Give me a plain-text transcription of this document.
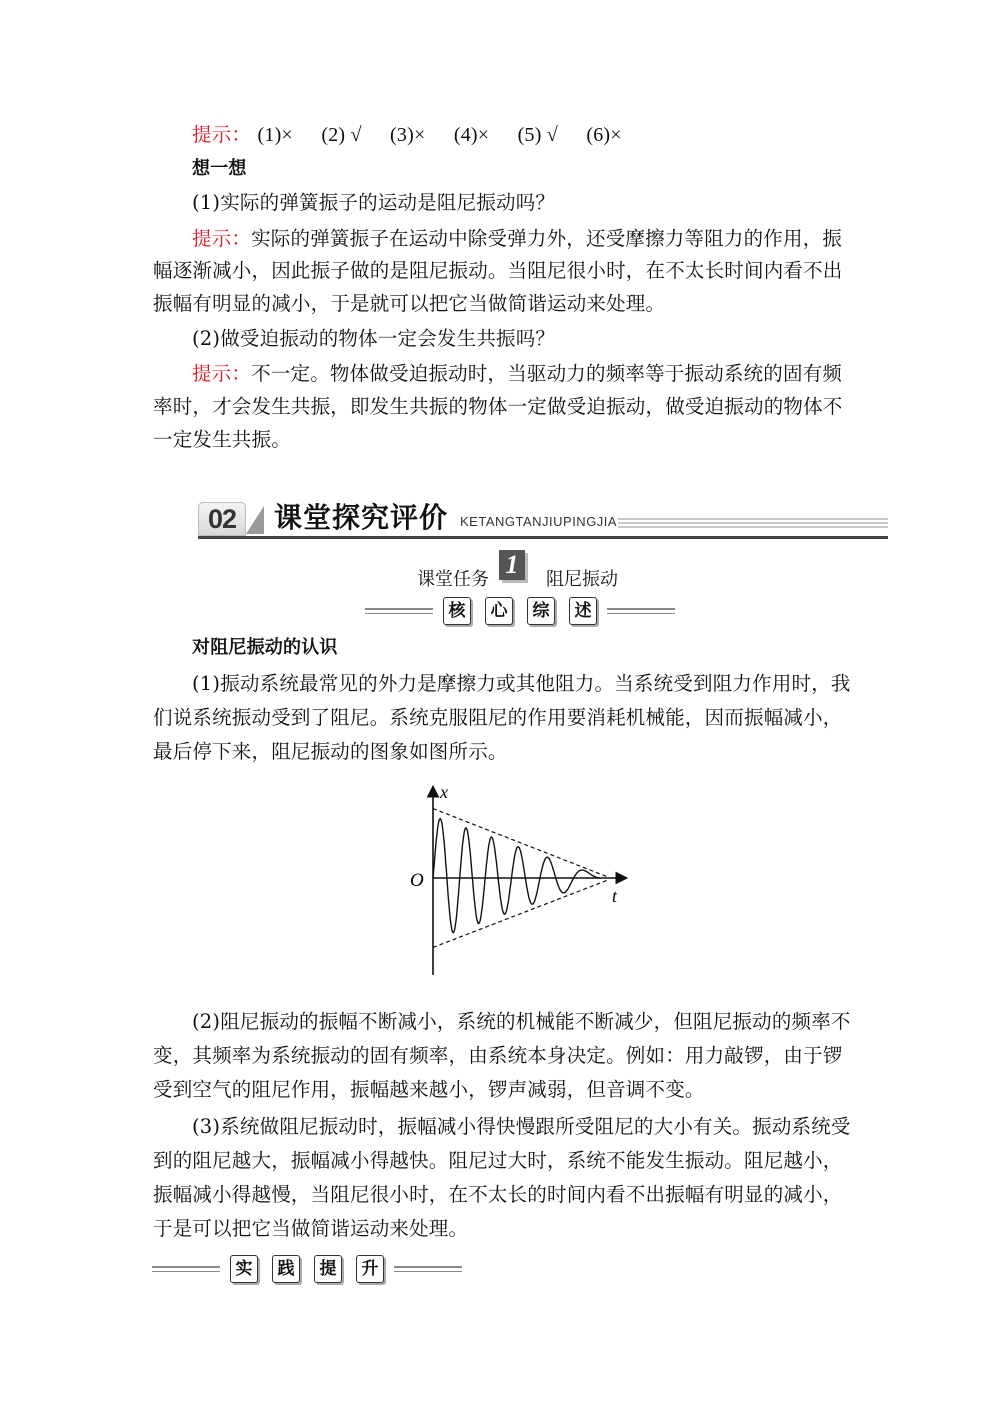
提示： (1)× (2) √ (3)× (4)× (5) √ (6)×
想一想
(1)实际的弹簧振子的运动是阻尼振动吗？
提示：实际的弹簧振子在运动中除受弹力外，还受摩擦力等阻力的作用，振
幅逐渐减小，因此振子做的是阻尼振动。当阻尼很小时，在不太长时间内看不出
振幅有明显的减小，于是就可以把它当做简谐运动来处理。
(2)做受迫振动的物体一定会发生共振吗？
提示：不一定。物体做受迫振动时，当驱动力的频率等于振动系统的固有频
率时，才会发生共振，即发生共振的物体一定做受迫振动，做受迫振动的物体不
一定发生共振。
02	课堂探究评价 KETANGTANJIUPINGJIA
课堂任务
1
阻尼振动
核	心	综	述
对阻尼振动的认识
(1)振动系统最常见的外力是摩擦力或其他阻力。当系统受到阻力作用时，我
们说系统振动受到了阻尼。系统克服阻尼的作用要消耗机械能，因而振幅减小，
最后停下来，阻尼振动的图象如图所示。
x
t
O
(2)阻尼振动的振幅不断减小，系统的机械能不断减少，但阻尼振动的频率不
变，其频率为系统振动的固有频率，由系统本身决定。例如：用力敲锣，由于锣
受到空气的阻尼作用，振幅越来越小，锣声减弱，但音调不变。
(3)系统做阻尼振动时，振幅减小得快慢跟所受阻尼的大小有关。振动系统受
到的阻尼越大，振幅减小得越快。阻尼过大时，系统不能发生振动。阻尼越小，
振幅减小得越慢，当阻尼很小时，在不太长的时间内看不出振幅有明显的减小，
于是可以把它当做简谐运动来处理。
实	践	提	升
